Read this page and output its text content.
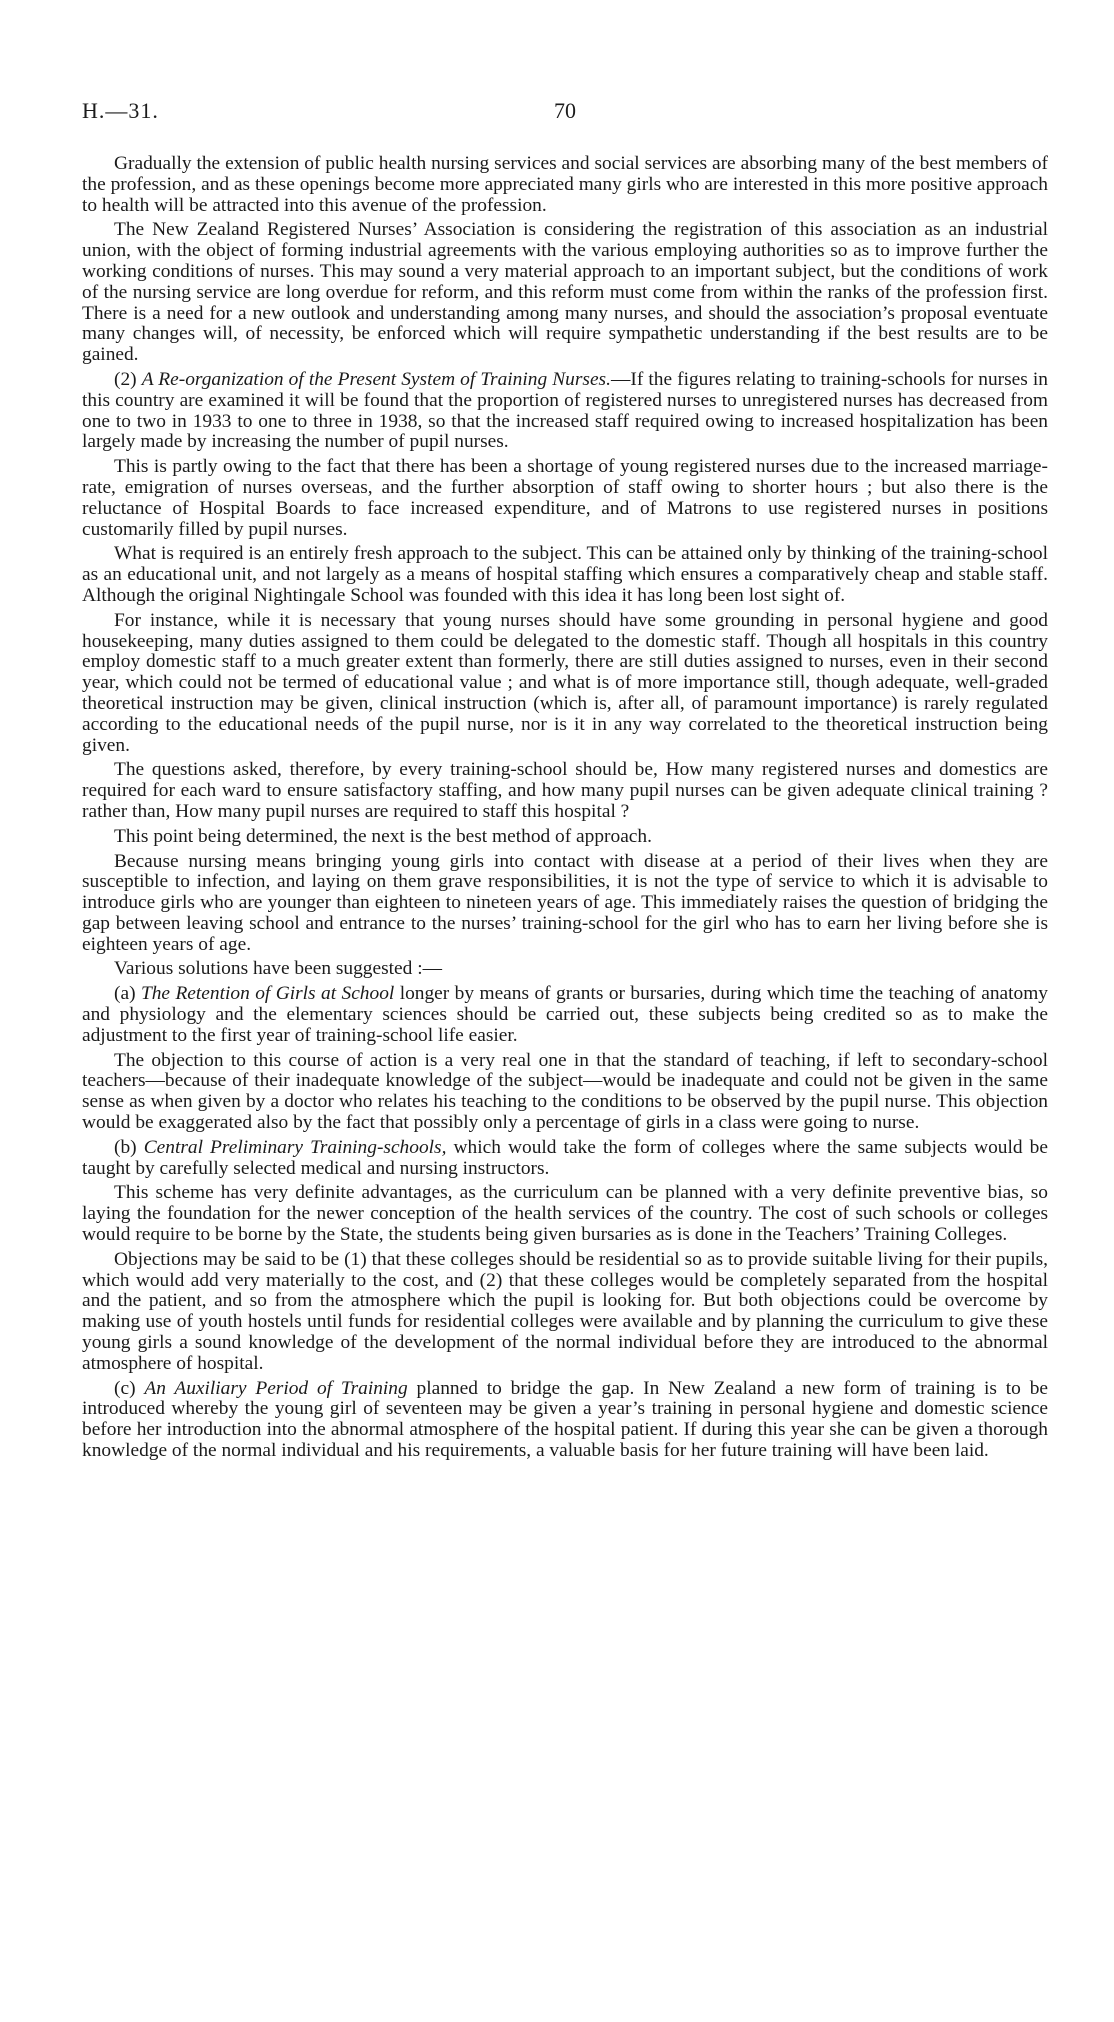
H.—31.	70

Gradually the extension of public health nursing services and social services are absorbing many of the best members of the profession, and as these openings become more appreciated many girls who are interested in this more positive approach to health will be attracted into this avenue of the profession.

The New Zealand Registered Nurses’ Association is considering the registration of this association as an industrial union, with the object of forming industrial agreements with the various employing authorities so as to improve further the working conditions of nurses. This may sound a very material approach to an important subject, but the conditions of work of the nursing service are long overdue for reform, and this reform must come from within the ranks of the profession first. There is a need for a new outlook and understanding among many nurses, and should the association’s proposal eventuate many changes will, of necessity, be enforced which will require sympathetic understanding if the best results are to be gained.

(2) A Re-organization of the Present System of Training Nurses.—If the figures relating to training-schools for nurses in this country are examined it will be found that the proportion of registered nurses to unregistered nurses has decreased from one to two in 1933 to one to three in 1938, so that the increased staff required owing to increased hospitalization has been largely made by increasing the number of pupil nurses.

This is partly owing to the fact that there has been a shortage of young registered nurses due to the increased marriage-rate, emigration of nurses overseas, and the further absorption of staff owing to shorter hours ; but also there is the reluctance of Hospital Boards to face increased expenditure, and of Matrons to use registered nurses in positions customarily filled by pupil nurses.

What is required is an entirely fresh approach to the subject. This can be attained only by thinking of the training-school as an educational unit, and not largely as a means of hospital staffing which ensures a comparatively cheap and stable staff. Although the original Nightingale School was founded with this idea it has long been lost sight of.

For instance, while it is necessary that young nurses should have some grounding in personal hygiene and good housekeeping, many duties assigned to them could be delegated to the domestic staff. Though all hospitals in this country employ domestic staff to a much greater extent than formerly, there are still duties assigned to nurses, even in their second year, which could not be termed of educational value ; and what is of more importance still, though adequate, well-graded theoretical instruction may be given, clinical instruction (which is, after all, of paramount importance) is rarely regulated according to the educational needs of the pupil nurse, nor is it in any way correlated to the theoretical instruction being given.

The questions asked, therefore, by every training-school should be, How many registered nurses and domestics are required for each ward to ensure satisfactory staffing, and how many pupil nurses can be given adequate clinical training ? rather than, How many pupil nurses are required to staff this hospital ?

This point being determined, the next is the best method of approach.

Because nursing means bringing young girls into contact with disease at a period of their lives when they are susceptible to infection, and laying on them grave responsibilities, it is not the type of service to which it is advisable to introduce girls who are younger than eighteen to nineteen years of age. This immediately raises the question of bridging the gap between leaving school and entrance to the nurses’ training-school for the girl who has to earn her living before she is eighteen years of age.

Various solutions have been suggested :—

(a) The Retention of Girls at School longer by means of grants or bursaries, during which time the teaching of anatomy and physiology and the elementary sciences should be carried out, these subjects being credited so as to make the adjustment to the first year of training-school life easier.

The objection to this course of action is a very real one in that the standard of teaching, if left to secondary-school teachers—because of their inadequate knowledge of the subject—would be inadequate and could not be given in the same sense as when given by a doctor who relates his teaching to the conditions to be observed by the pupil nurse. This objection would be exaggerated also by the fact that possibly only a percentage of girls in a class were going to nurse.

(b) Central Preliminary Training-schools, which would take the form of colleges where the same subjects would be taught by carefully selected medical and nursing instructors.

This scheme has very definite advantages, as the curriculum can be planned with a very definite preventive bias, so laying the foundation for the newer conception of the health services of the country. The cost of such schools or colleges would require to be borne by the State, the students being given bursaries as is done in the Teachers’ Training Colleges.

Objections may be said to be (1) that these colleges should be residential so as to provide suitable living for their pupils, which would add very materially to the cost, and (2) that these colleges would be completely separated from the hospital and the patient, and so from the atmosphere which the pupil is looking for. But both objections could be overcome by making use of youth hostels until funds for residential colleges were available and by planning the curriculum to give these young girls a sound knowledge of the development of the normal individual before they are introduced to the abnormal atmosphere of hospital.

(c) An Auxiliary Period of Training planned to bridge the gap. In New Zealand a new form of training is to be introduced whereby the young girl of seventeen may be given a year’s training in personal hygiene and domestic science before her introduction into the abnormal atmosphere of the hospital patient. If during this year she can be given a thorough knowledge of the normal individual and his requirements, a valuable basis for her future training will have been laid.
